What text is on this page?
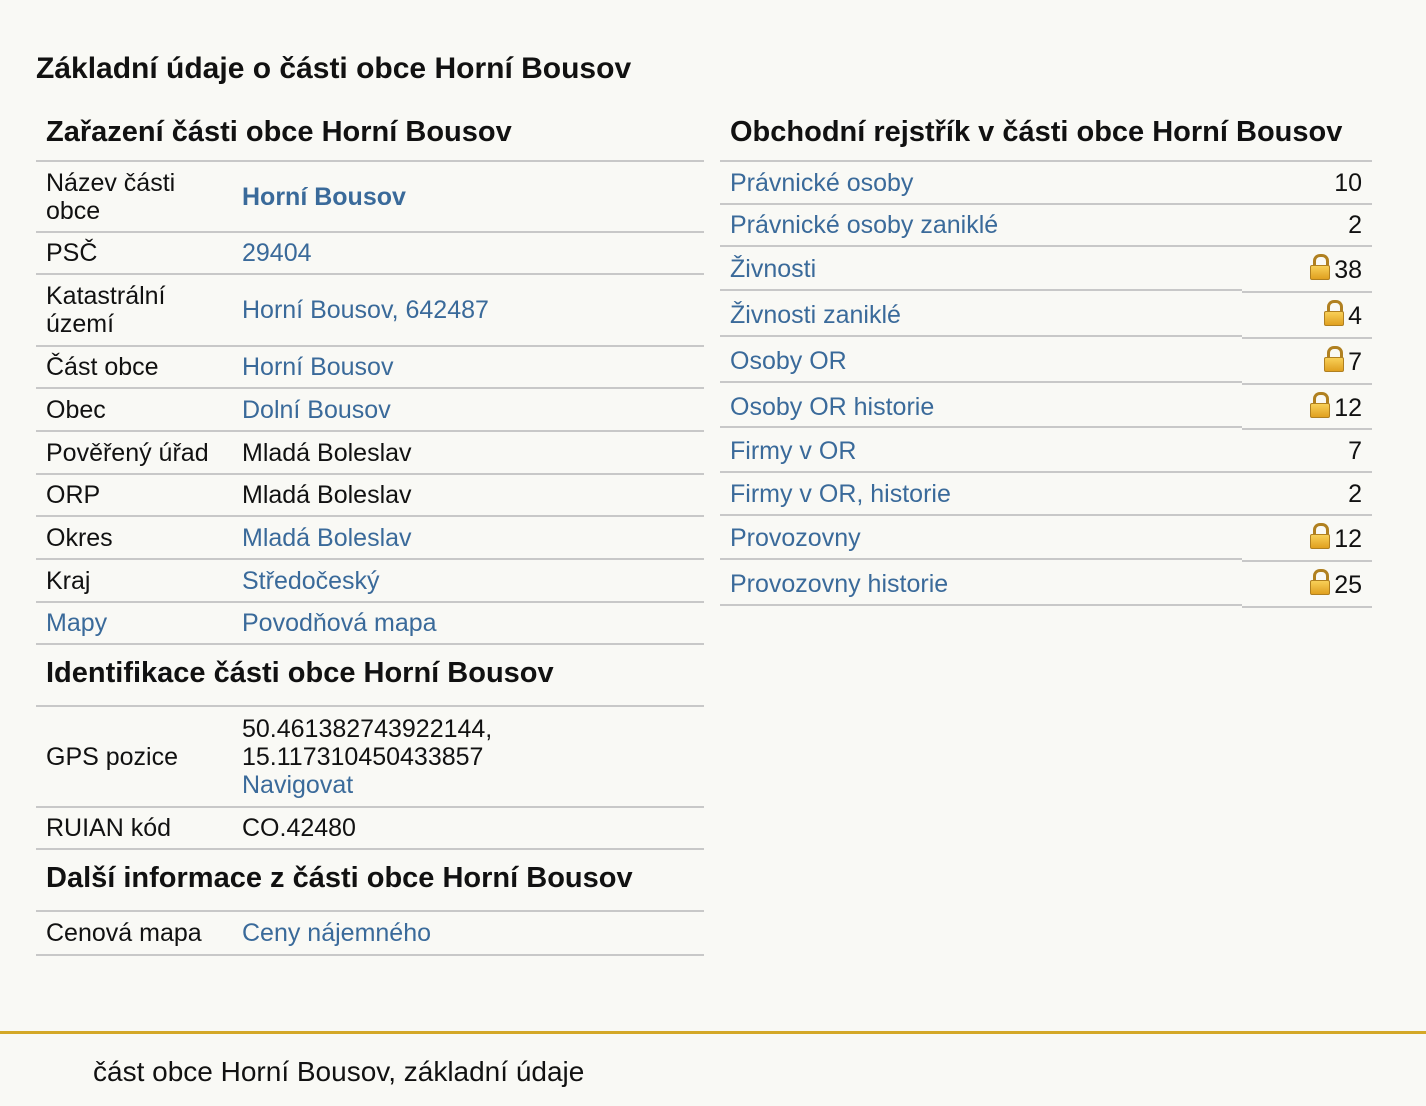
Základní údaje o části obce Horní Bousov
Zařazení části obce Horní Bousov
Název části obce	Horní Bousov
PSČ	29404
Katastrální území	Horní Bousov, 642487
Část obce	Horní Bousov
Obec	Dolní Bousov
Pověřený úřad	Mladá Boleslav
ORP	Mladá Boleslav
Okres	Mladá Boleslav
Kraj	Středočeský
Mapy	Povodňová mapa
Identifikace části obce Horní Bousov
GPS pozice	50.461382743922144,
15.117310450433857
Navigovat
RUIAN kód	CO.42480
Další informace z části obce Horní Bousov
Cenová mapa	Ceny nájemného
Obchodní rejstřík v části obce Horní Bousov
Právnické osoby	10
Právnické osoby zaniklé	2
Živnosti	38
Živnosti zaniklé	4
Osoby OR	7
Osoby OR historie	12
Firmy v OR	7
Firmy v OR, historie	2
Provozovny	12
Provozovny historie	25
část obce Horní Bousov, základní údaje
